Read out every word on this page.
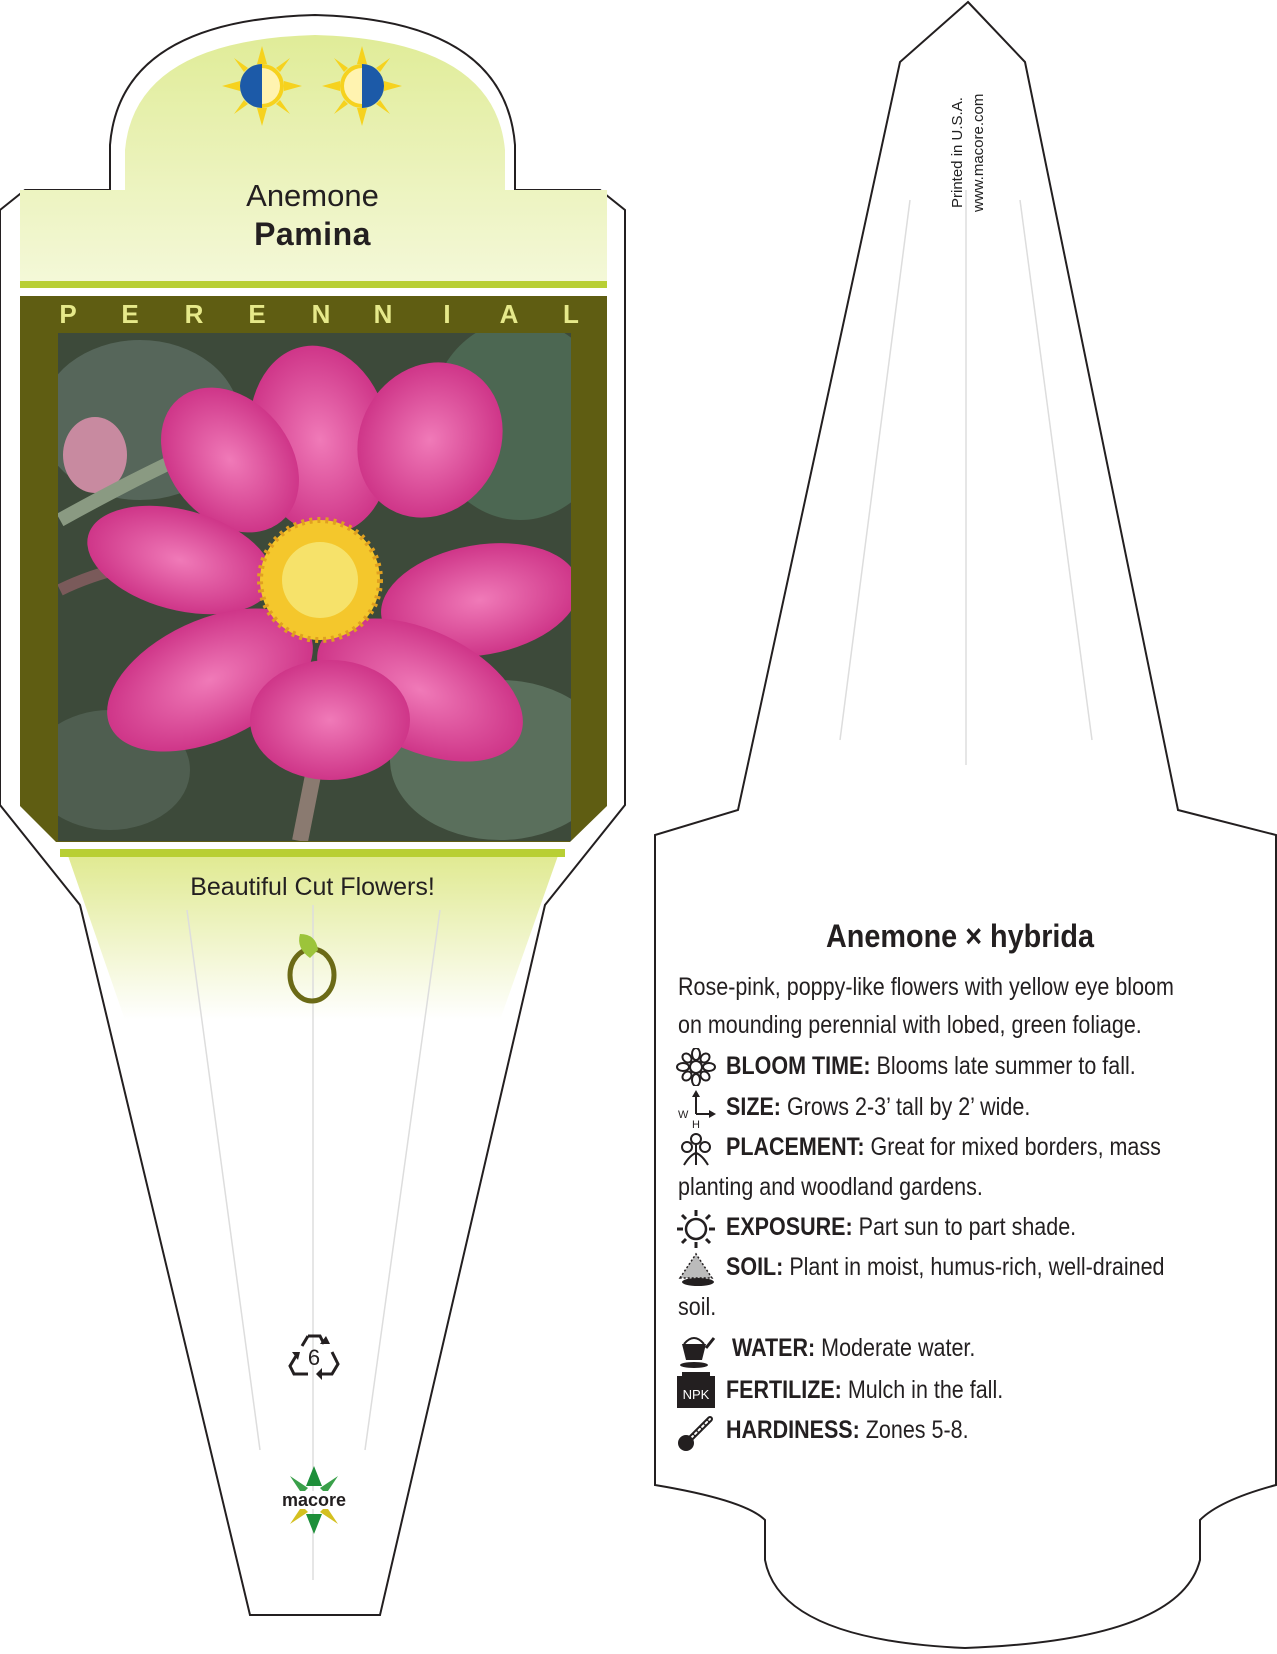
Anemone
Pamina
P E R E N N	I	A L
Beautiful Cut Flowers!
6
macore
Printed in U.S.A. www.macore.com
Anemone × hybrida
Rose-pink, poppy-like flowers with yellow eye bloom
on mounding perennial with lobed, green foliage.
BLOOM TIME: Blooms late summer to fall.
W
H
SIZE: Grows 2-3’ tall by 2’ wide.
PLACEMENT: Great for mixed borders, mass
planting and woodland gardens.
EXPOSURE: Part sun to part shade.
SOIL: Plant in moist, humus-rich, well-drained
soil.
WATER: Moderate water.
NPK FERTILIZE: Mulch in the fall.
HARDINESS: Zones 5-8.
